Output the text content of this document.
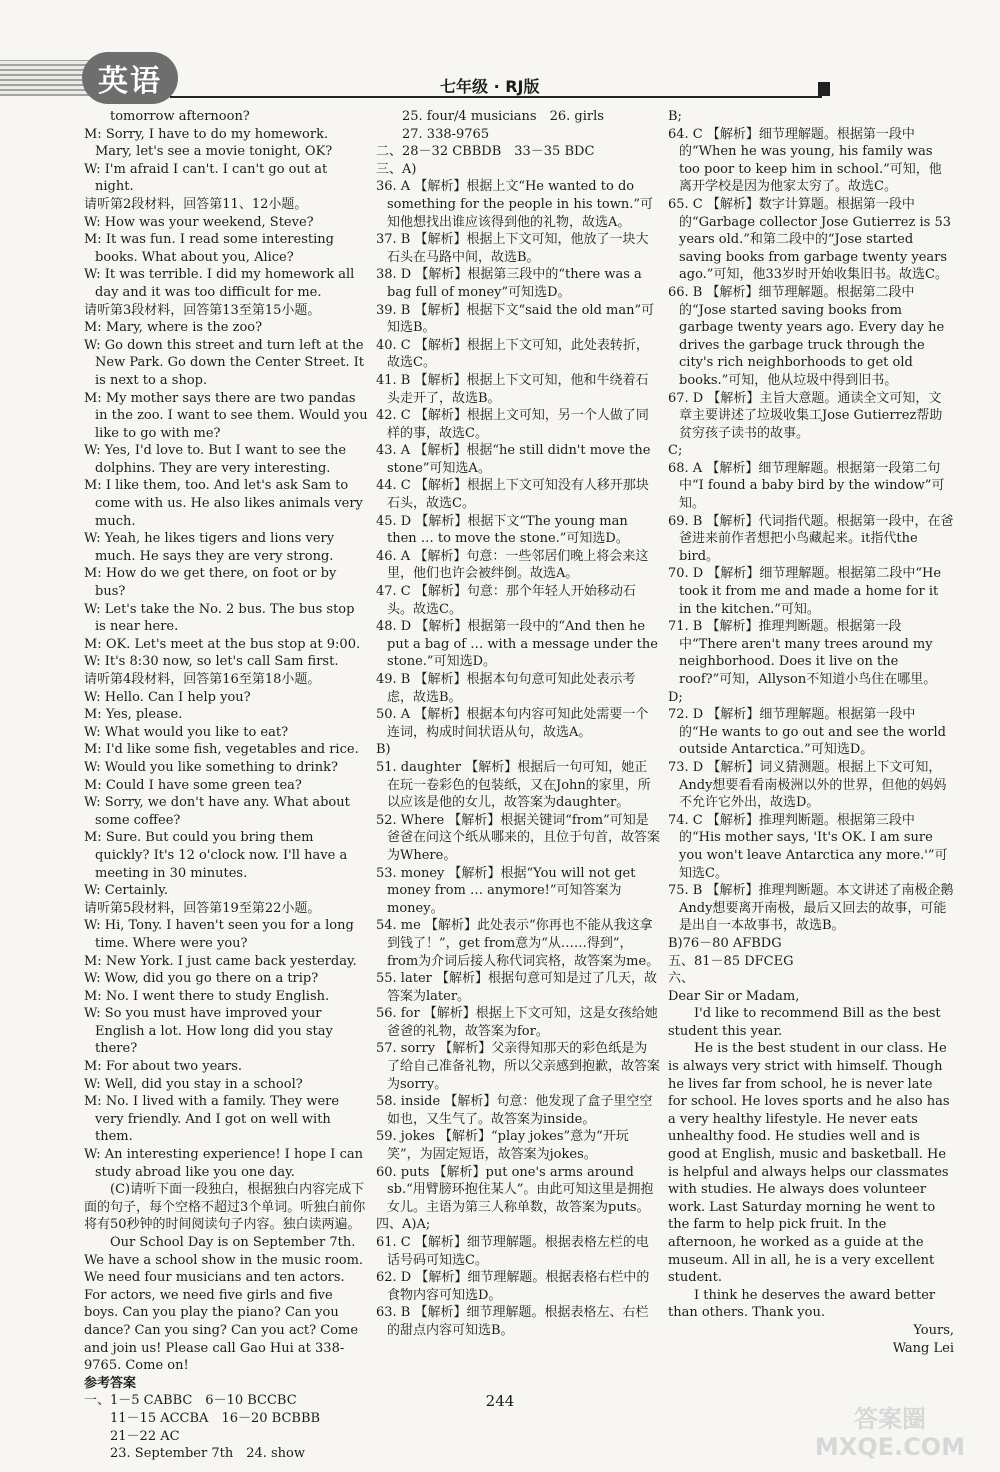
英语	七年级 · RJ版

tomorrow afternoon?

M: Sorry, I have to do my homework. Mary, let's see a movie tonight, OK?

W: I'm afraid I can't. I can't go out at night.

请听第2段材料，回答第11、12小题。

W: How was your weekend, Steve?

M: It was fun. I read some interesting books. What about you, Alice?

W: It was terrible. I did my homework all day and it was too difficult for me.

请听第3段材料，回答第13至第15小题。

M: Mary, where is the zoo?

W: Go down this street and turn left at the New Park. Go down the Center Street. It is next to a shop.

M: My mother says there are two pandas in the zoo. I want to see them. Would you like to go with me?

W: Yes, I'd love to. But I want to see the dolphins. They are very interesting.

M: I like them, too. And let's ask Sam to come with us. He also likes animals very much.

W: Yeah, he likes tigers and lions very much. He says they are very strong.

M: How do we get there, on foot or by bus?

W: Let's take the No. 2 bus. The bus stop is near here.

M: OK. Let's meet at the bus stop at 9:00.

W: It's 8:30 now, so let's call Sam first.

请听第4段材料，回答第16至第18小题。

W: Hello. Can I help you?

M: Yes, please.

W: What would you like to eat?

M: I'd like some fish, vegetables and rice.

W: Would you like something to drink?

M: Could I have some green tea?

W: Sorry, we don't have any. What about some coffee?

M: Sure. But could you bring them quickly? It's 12 o'clock now. I'll have a meeting in 30 minutes.

W: Certainly.

请听第5段材料，回答第19至第22小题。

W: Hi, Tony. I haven't seen you for a long time. Where were you?

M: New York. I just came back yesterday.

W: Wow, did you go there on a trip?

M: No. I went there to study English.

W: So you must have improved your English a lot. How long did you stay there?

M: For about two years.

W: Well, did you stay in a school?

M: No. I lived with a family. They were very friendly. And I got on well with them.

W: An interesting experience! I hope I can study abroad like you one day.

(C)请听下面一段独白，根据独白内容完成下面的句子，每个空格不超过3个单词。听独白前你将有50秒钟的时间阅读句子内容。独白读两遍。

Our School Day is on September 7th. We have a school show in the music room. We need four musicians and ten actors. For actors, we need five girls and five boys. Can you play the piano? Can you dance? Can you sing? Can you act? Come and join us! Please call Gao Hui at 338-9765. Come on!

参考答案

一、1－5 CABBC　6－10 BCCBC

11－15 ACCBA　16－20 BCBBB

21－22 AC

23. September 7th　24. show

25. four/4 musicians　26. girls

27. 338-9765

二、28－32 CBBDB　33－35 BDC

三、A)

36. A 【解析】根据上文“He wanted to do something for the people in his town.”可知他想找出谁应该得到他的礼物，故选A。

37. B 【解析】根据上下文可知，他放了一块大石头在马路中间，故选B。

38. D 【解析】根据第三段中的“there was a bag full of money”可知选D。

39. B 【解析】根据下文“said the old man”可知选B。

40. C 【解析】根据上下文可知，此处表转折，故选C。

41. B 【解析】根据上下文可知，他和牛绕着石头走开了，故选B。

42. C 【解析】根据上文可知，另一个人做了同样的事，故选C。

43. A 【解析】根据“he still didn't move the stone”可知选A。

44. C 【解析】根据上下文可知没有人移开那块石头，故选C。

45. D 【解析】根据下文“The young man then … to move the stone.”可知选D。

46. A 【解析】句意：一些邻居们晚上将会来这里，他们也许会被绊倒。故选A。

47. C 【解析】句意：那个年轻人开始移动石头。故选C。

48. D 【解析】根据第一段中的“And then he put a bag of … with a message under the stone.”可知选D。

49. B 【解析】根据本句句意可知此处表示考虑，故选B。

50. A 【解析】根据本句内容可知此处需要一个连词，构成时间状语从句，故选A。

B)

51. daughter 【解析】根据后一句可知，她正在玩一卷彩色的包装纸，又在John的家里，所以应该是他的女儿，故答案为daughter。

52. Where 【解析】根据关键词“from”可知是爸爸在问这个纸从哪来的，且位于句首，故答案为Where。

53. money 【解析】根据“You will not get money from … anymore!”可知答案为money。

54. me 【解析】此处表示“你再也不能从我这拿到钱了！”，get from意为“从……得到”，from为介词后接人称代词宾格，故答案为me。

55. later 【解析】根据句意可知是过了几天，故答案为later。

56. for 【解析】根据上下文可知，这是女孩给她爸爸的礼物，故答案为for。

57. sorry 【解析】父亲得知那天的彩色纸是为了给自己准备礼物，所以父亲感到抱歉，故答案为sorry。

58. inside 【解析】句意：他发现了盒子里空空如也，又生气了。故答案为inside。

59. jokes 【解析】“play jokes”意为“开玩笑”，为固定短语，故答案为jokes。

60. puts 【解析】put one's arms around sb.“用臂膀环抱住某人”。由此可知这里是拥抱女儿。主语为第三人称单数，故答案为puts。

四、A)A;

61. C 【解析】细节理解题。根据表格左栏的电话号码可知选C。

62. D 【解析】细节理解题。根据表格右栏中的食物内容可知选D。

63. B 【解析】细节理解题。根据表格左、右栏的甜点内容可知选B。

B;

64. C 【解析】细节理解题。根据第一段中的“When he was young, his family was too poor to keep him in school.”可知，他离开学校是因为他家太穷了。故选C。

65. C 【解析】数字计算题。根据第一段中的“Garbage collector Jose Gutierrez is 53 years old.”和第二段中的“Jose started saving books from garbage twenty years ago.”可知，他33岁时开始收集旧书。故选C。

66. B 【解析】细节理解题。根据第二段中的“Jose started saving books from garbage twenty years ago. Every day he drives the garbage truck through the city's rich neighborhoods to get old books.”可知，他从垃圾中得到旧书。

67. D 【解析】主旨大意题。通读全文可知，文章主要讲述了垃圾收集工Jose Gutierrez帮助贫穷孩子读书的故事。

C;

68. A 【解析】细节理解题。根据第一段第二句中“I found a baby bird by the window”可知。

69. B 【解析】代词指代题。根据第一段中，在爸爸进来前作者想把小鸟藏起来。it指代the bird。

70. D 【解析】细节理解题。根据第二段中“He took it from me and made a home for it in the kitchen.”可知。

71. B 【解析】推理判断题。根据第一段中“There aren't many trees around my neighborhood. Does it live on the roof?”可知，Allyson不知道小鸟住在哪里。

D;

72. D 【解析】细节理解题。根据第一段中的“He wants to go out and see the world outside Antarctica.”可知选D。

73. D 【解析】词义猜测题。根据上下文可知，Andy想要看看南极洲以外的世界，但他的妈妈不允许它外出，故选D。

74. C 【解析】推理判断题。根据第三段中的“His mother says, 'It's OK. I am sure you won't leave Antarctica any more.'”可知选C。

75. B 【解析】推理判断题。本文讲述了南极企鹅Andy想要离开南极，最后又回去的故事，可能是出自一本故事书，故选B。

B)76－80 AFBDG

五、81－85 DFCEG

六、

Dear Sir or Madam,

I'd like to recommend Bill as the best student this year.

He is the best student in our class. He is always very strict with himself. Though he lives far from school, he is never late for school. He loves sports and he also has a very healthy lifestyle. He never eats unhealthy food. He studies well and is good at English, music and basketball. He is helpful and always helps our classmates with studies. He always does volunteer work. Last Saturday morning he went to the farm to help pick fruit. In the afternoon, he worked as a guide at the museum. All in all, he is a very excellent student.

I think he deserves the award better than others. Thank you.

Yours,

Wang Lei

244
答案圈 MXQE.COM
